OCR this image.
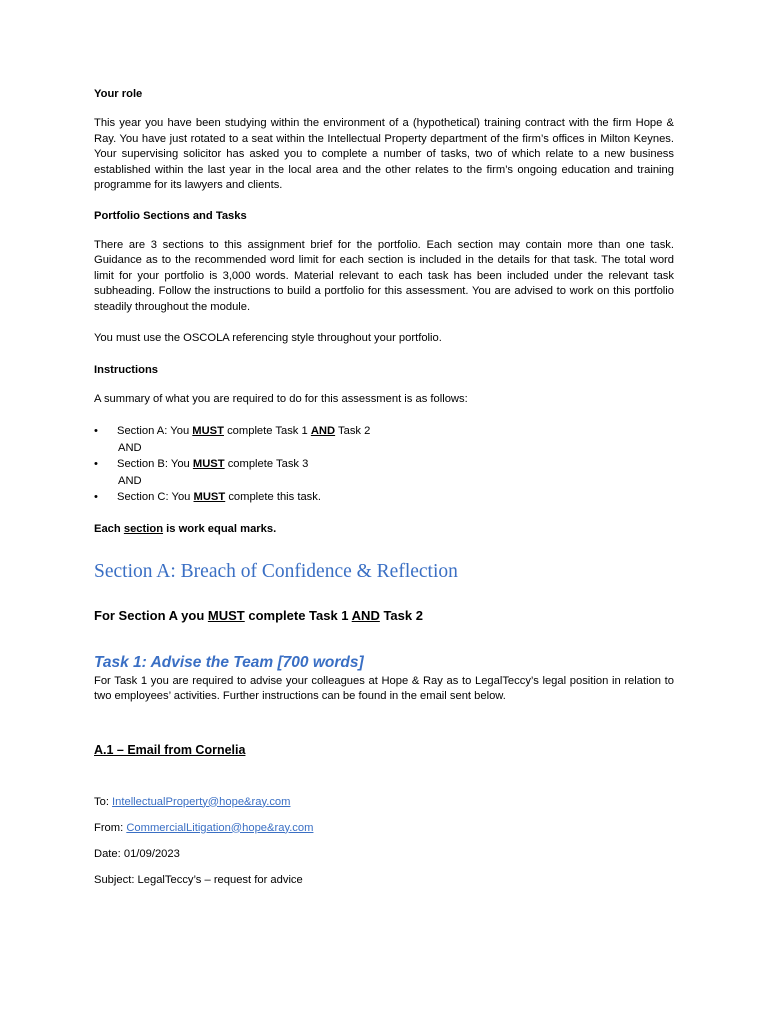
Your role

This year you have been studying within the environment of a (hypothetical) training contract with the firm Hope & Ray. You have just rotated to a seat within the Intellectual Property department of the firm’s offices in Milton Keynes. Your supervising solicitor has asked you to complete a number of tasks, two of which relate to a new business established within the last year in the local area and the other relates to the firm’s ongoing education and training programme for its lawyers and clients.

Portfolio Sections and Tasks

There are 3 sections to this assignment brief for the portfolio. Each section may contain more than one task. Guidance as to the recommended word limit for each section is included in the details for that task. The total word limit for your portfolio is 3,000 words. Material relevant to each task has been included under the relevant task subheading. Follow the instructions to build a portfolio for this assessment. You are advised to work on this portfolio steadily throughout the module.

You must use the OSCOLA referencing style throughout your portfolio.

Instructions

A summary of what you are required to do for this assessment is as follows:

• Section A: You MUST complete Task 1 AND Task 2
AND
• Section B: You MUST complete Task 3
AND
• Section C: You MUST complete this task.

Each section is work equal marks.

Section A: Breach of Confidence & Reflection

For Section A you MUST complete Task 1 AND Task 2

Task 1: Advise the Team [700 words]

For Task 1 you are required to advise your colleagues at Hope & Ray as to LegalTeccy’s legal position in relation to two employees’ activities. Further instructions can be found in the email sent below.

A.1 – Email from Cornelia

To: IntellectualProperty@hope&ray.com

From: CommercialLitigation@hope&ray.com

Date: 01/09/2023

Subject: LegalTeccy’s – request for advice
